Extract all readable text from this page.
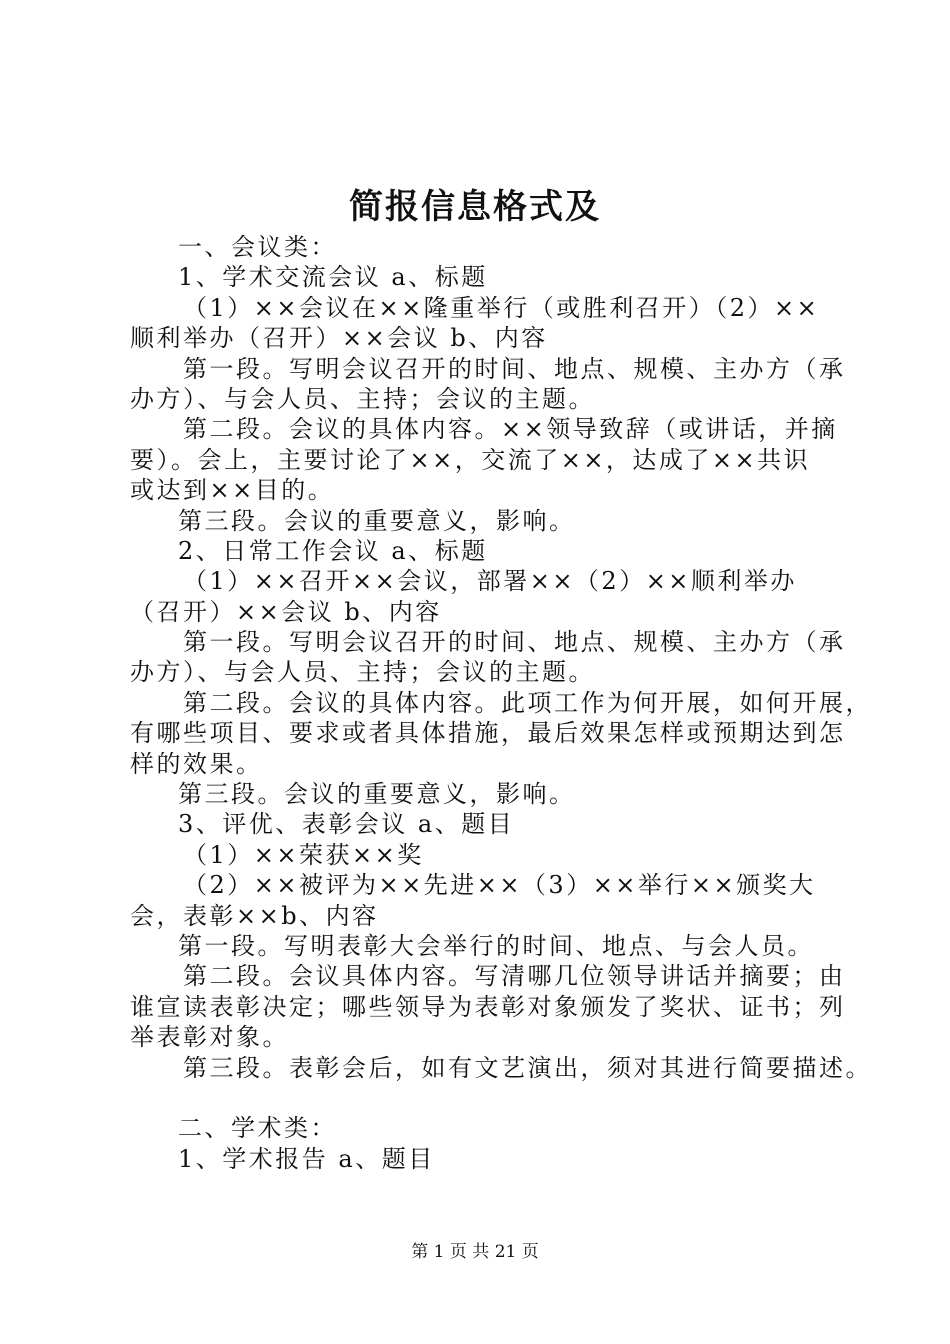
简报信息格式及
一、会议类：
1、学术交流会议 a、标题
（1）××会议在××隆重举行（或胜利召开）（2）××
顺利举办（召开）××会议 b、内容
第一段。写明会议召开的时间、地点、规模、主办方（承
办方）、与会人员、主持；会议的主题。
第二段。会议的具体内容。××领导致辞（或讲话，并摘
要）。会上，主要讨论了××，交流了××，达成了××共识
或达到××目的。
第三段。会议的重要意义，影响。
2、日常工作会议 a、标题
（1）××召开××会议，部署××（2）××顺利举办
（召开）××会议 b、内容
第一段。写明会议召开的时间、地点、规模、主办方（承
办方）、与会人员、主持；会议的主题。
第二段。会议的具体内容。此项工作为何开展，如何开展，
有哪些项目、要求或者具体措施，最后效果怎样或预期达到怎
样的效果。
第三段。会议的重要意义，影响。
3、评优、表彰会议 a、题目
（1）××荣获××奖
（2）××被评为××先进××（3）××举行××颁奖大
会，表彰××b、内容
第一段。写明表彰大会举行的时间、地点、与会人员。
第二段。会议具体内容。写清哪几位领导讲话并摘要；由
谁宣读表彰决定；哪些领导为表彰对象颁发了奖状、证书；列
举表彰对象。
第三段。表彰会后，如有文艺演出，须对其进行简要描述。
二、学术类：
1、学术报告 a、题目
第 1 页 共 21 页
